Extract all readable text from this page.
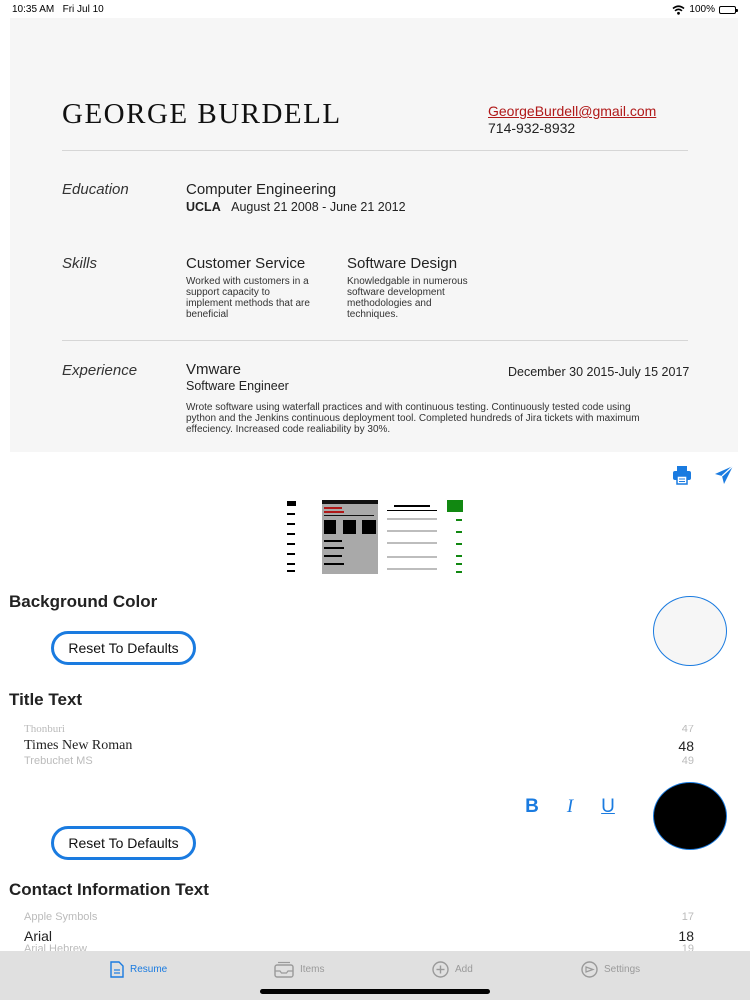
10:35 AM Fri Jul 10	100%
GEORGE BURDELL	GeorgeBurdell@gmail.com
714-932-8932
Education	Computer Engineering
UCLA August 21 2008 - June 21 2012
Skills	Customer Service
Worked with customers in a
support capacity to
implement methods that are
beneficial
Software Design
Knowledgable in numerous
software development
methodologies and
techniques.
Experience	Vmware
Software Engineer
December 30 2015-July 15 2017
Wrote software using waterfall practices and with continuous testing. Continuously tested code using
python and the Jenkins continuous deployment tool. Completed hundreds of Jira tickets with maximum
effeciency. Increased code realiability by 30%.
Background Color
Reset To Defaults
Title Text
Thonburi	47
Times New Roman	48
Trebuchet MS	49
B	I	U
Reset To Defaults
Contact Information Text
Apple Symbols	17
Arial	18
Arial Hebrew	19
Resume	Items	Add	Settings
